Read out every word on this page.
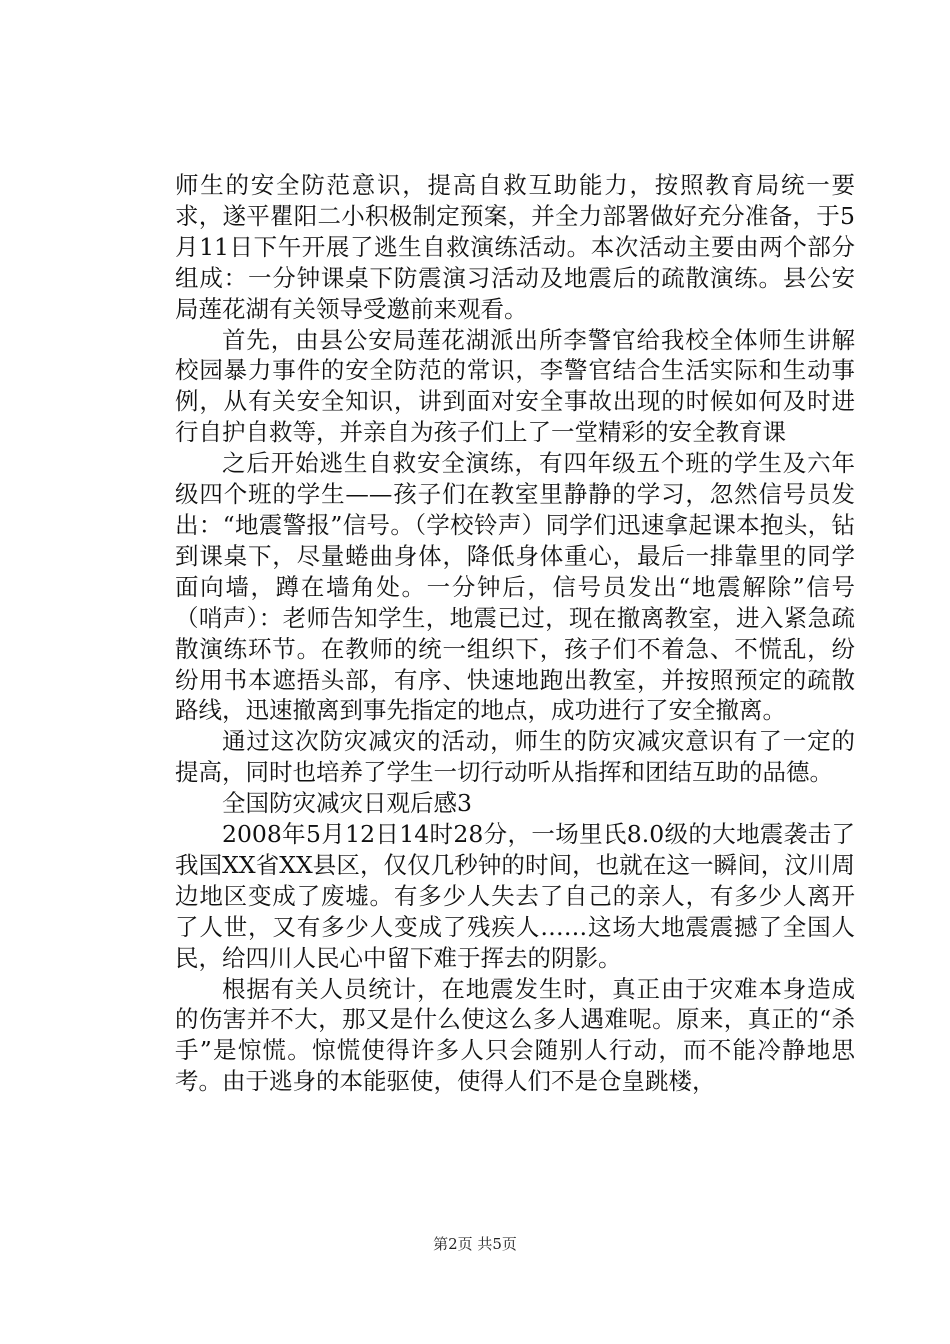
师生的安全防范意识，提高自救互助能力，按照教育局统一要求，遂平瞿阳二小积极制定预案，并全力部署做好充分准备，于5月11日下午开展了逃生自救演练活动。本次活动主要由两个部分组成：一分钟课桌下防震演习活动及地震后的疏散演练。县公安局莲花湖有关领导受邀前来观看。

首先，由县公安局莲花湖派出所李警官给我校全体师生讲解校园暴力事件的安全防范的常识，李警官结合生活实际和生动事例，从有关安全知识，讲到面对安全事故出现的时候如何及时进行自护自救等，并亲自为孩子们上了一堂精彩的安全教育课

之后开始逃生自救安全演练，有四年级五个班的学生及六年级四个班的学生——孩子们在教室里静静的学习，忽然信号员发出：“地震警报”信号。（学校铃声）同学们迅速拿起课本抱头，钻到课桌下，尽量蜷曲身体，降低身体重心，最后一排靠里的同学面向墙，蹲在墙角处。一分钟后，信号员发出“地震解除”信号（哨声）：老师告知学生，地震已过，现在撤离教室，进入紧急疏散演练环节。在教师的统一组织下，孩子们不着急、不慌乱，纷纷用书本遮捂头部，有序、快速地跑出教室，并按照预定的疏散路线，迅速撤离到事先指定的地点，成功进行了安全撤离。

通过这次防灾减灾的活动，师生的防灾减灾意识有了一定的提高，同时也培养了学生一切行动听从指挥和团结互助的品德。

全国防灾减灾日观后感3

2008年5月12日14时28分，一场里氏8.0级的大地震袭击了我国XX省XX县区，仅仅几秒钟的时间，也就在这一瞬间，汶川周边地区变成了废墟。有多少人失去了自己的亲人，有多少人离开了人世，又有多少人变成了残疾人……这场大地震震撼了全国人民，给四川人民心中留下难于挥去的阴影。

根据有关人员统计，在地震发生时，真正由于灾难本身造成的伤害并不大，那又是什么使这么多人遇难呢。原来，真正的“杀手”是惊慌。惊慌使得许多人只会随别人行动，而不能冷静地思考。由于逃身的本能驱使，使得人们不是仓皇跳楼，

第2页 共5页
